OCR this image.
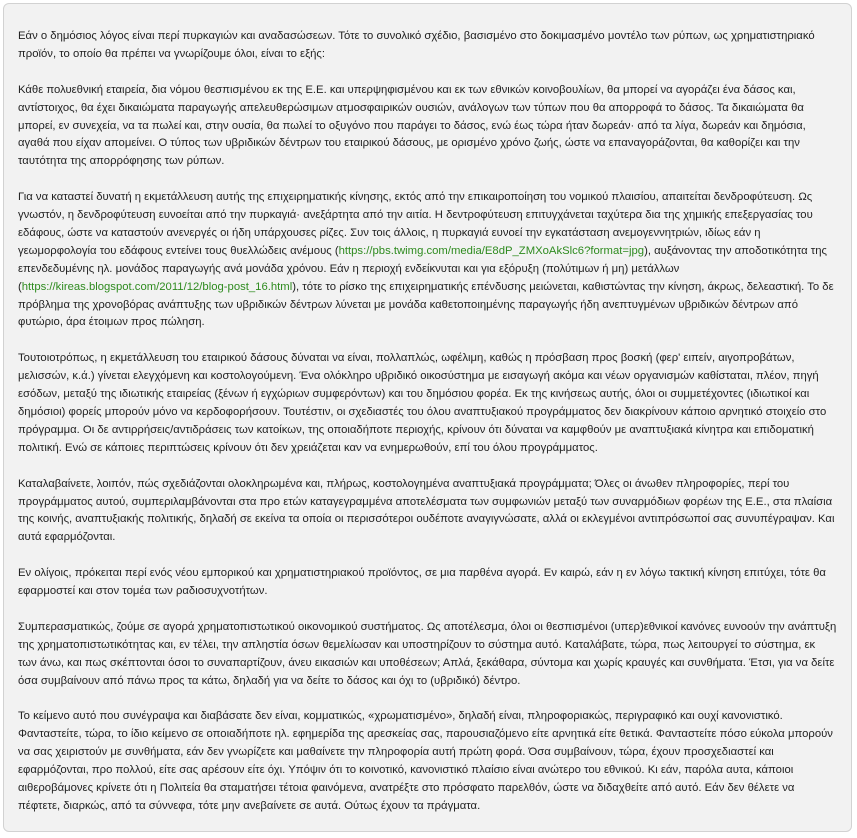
Εάν ο δημόσιος λόγος είναι περί πυρκαγιών και αναδασώσεων. Τότε το συνολικό σχέδιο, βασισμένο στο δοκιμασμένο μοντέλο των ρύπων, ως χρηματιστηριακό προϊόν, το οποίο θα πρέπει να γνωρίζουμε όλοι, είναι το εξής:

Κάθε πολυεθνική εταιρεία, δια νόμου θεσπισμένου εκ της Ε.Ε. και υπερψηφισμένου και εκ των εθνικών κοινοβουλίων, θα μπορεί να αγοράζει ένα δάσος και, αντίστοιχος, θα έχει δικαιώματα παραγωγής απελευθερώσιμων ατμοσφαιρικών ουσιών, ανάλογων των τύπων που θα απορροφά το δάσος. Τα δικαιώματα θα μπορεί, εν συνεχεία, να τα πωλεί και, στην ουσία, θα πωλεί το οξυγόνο που παράγει το δάσος, ενώ έως τώρα ήταν δωρεάν· από τα λίγα, δωρεάν και δημόσια, αγαθά που είχαν απομείνει. Ο τύπος των υβριδικών δέντρων του εταιρικού δάσους, με ορισμένο χρόνο ζωής, ώστε να επαναγοράζονται, θα καθορίζει και την ταυτότητα της απορρόφησης των ρύπων.

Για να καταστεί δυνατή η εκμετάλλευση αυτής της επιχειρηματικής κίνησης, εκτός από την επικαιροποίηση του νομικού πλαισίου, απαιτείται δενδροφύτευση. Ως γνωστόν, η δενδροφύτευση ευνοείται από την πυρκαγιά· ανεξάρτητα από την αιτία. Η δεντροφύτευση επιτυγχάνεται ταχύτερα δια της χημικής επεξεργασίας του εδάφους, ώστε να καταστούν ανενεργές οι ήδη υπάρχουσες ρίζες. Συν τοις άλλοις, η πυρκαγιά ευνοεί την εγκατάσταση ανεμογεννητριών, ιδίως εάν η γεωμορφολογία του εδάφους εντείνει τους θυελλώδεις ανέμους (https://pbs.twimg.com/media/E8dP_ZMXoAkSlc6?format=jpg), αυξάνοντας την αποδοτικότητα της επενδεδυμένης ηλ. μονάδος παραγωγής ανά μονάδα χρόνου. Εάν η περιοχή ενδείκνυται και για εξόρυξη (πολύτιμων ή μη) μετάλλων (https://kireas.blogspot.com/2011/12/blog-post_16.html), τότε το ρίσκο της επιχειρηματικής επένδυσης μειώνεται, καθιστώντας την κίνηση, άκρως, δελεαστική. Το δε πρόβλημα της χρονοβόρας ανάπτυξης των υβριδικών δέντρων λύνεται με μονάδα καθετοποιημένης παραγωγής ήδη ανεπτυγμένων υβριδικών δέντρων από φυτώριο, άρα έτοιμων προς πώληση.

Τουτοιοτρόπως, η εκμετάλλευση του εταιρικού δάσους δύναται να είναι, πολλαπλώς, ωφέλιμη, καθώς η πρόσβαση προς βοσκή (φερ' ειπείν, αιγοπροβάτων, μελισσών, κ.ά.) γίνεται ελεγχόμενη και κοστολογούμενη. Ένα ολόκληρο υβριδικό οικοσύστημα με εισαγωγή ακόμα και νέων οργανισμών καθίσταται, πλέον, πηγή εσόδων, μεταξύ της ιδιωτικής εταιρείας (ξένων ή εγχώριων συμφερόντων) και του δημόσιου φορέα. Εκ της κινήσεως αυτής, όλοι οι συμμετέχοντες (ιδιωτικοί και δημόσιοι) φορείς μπορούν μόνο να κερδοφορήσουν. Τουτέστιν, οι σχεδιαστές του όλου αναπτυξιακού προγράμματος δεν διακρίνουν κάποιο αρνητικό στοιχείο στο πρόγραμμα. Οι δε αντιρρήσεις/αντιδράσεις των κατοίκων, της οποιαδήποτε περιοχής, κρίνουν ότι δύναται να καμφθούν με αναπτυξιακά κίνητρα και επιδοματική πολιτική. Ενώ σε κάποιες περιπτώσεις κρίνουν ότι δεν χρειάζεται καν να ενημερωθούν, επί του όλου προγράμματος.

Καταλαβαίνετε, λοιπόν, πώς σχεδιάζονται ολοκληρωμένα και, πλήρως, κοστολογημένα αναπτυξιακά προγράμματα; Όλες οι άνωθεν πληροφορίες, περί του προγράμματος αυτού, συμπεριλαμβάνονται στα προ ετών καταγεγραμμένα αποτελέσματα των συμφωνιών μεταξύ των συναρμόδιων φορέων της Ε.Ε., στα πλαίσια της κοινής, αναπτυξιακής πολιτικής, δηλαδή σε εκείνα τα οποία οι περισσότεροι ουδέποτε αναγιγνώσατε, αλλά οι εκλεγμένοι αντιπρόσωποί σας συνυπέγραψαν. Και αυτά εφαρμόζονται.

Εν ολίγοις, πρόκειται περί ενός νέου εμπορικού και χρηματιστηριακού προϊόντος, σε μια παρθένα αγορά. Εν καιρώ, εάν η εν λόγω τακτική κίνηση επιτύχει, τότε θα εφαρμοστεί και στον τομέα των ραδιοσυχνοτήτων.

Συμπερασματικώς, ζούμε σε αγορά χρηματοπιστωτικού οικονομικού συστήματος. Ως αποτέλεσμα, όλοι οι θεσπισμένοι (υπερ)εθνικοί κανόνες ευνοούν την ανάπτυξη της χρηματοπιστωτικότητας και, εν τέλει, την απληστία όσων θεμελίωσαν και υποστηρίζουν το σύστημα αυτό. Καταλάβατε, τώρα, πως λειτουργεί το σύστημα, εκ των άνω, και πως σκέπτονται όσοι το συναπαρτίζουν, άνευ εικασιών και υποθέσεων; Απλά, ξεκάθαρα, σύντομα και χωρίς κραυγές και συνθήματα. Έτσι, για να δείτε όσα συμβαίνουν από πάνω προς τα κάτω, δηλαδή για να δείτε το δάσος και όχι το (υβριδικό) δέντρο.

Το κείμενο αυτό που συνέγραψα και διαβάσατε δεν είναι, κομματικώς, «χρωματισμένο», δηλαδή είναι, πληροφοριακώς, περιγραφικό και ουχί κανονιστικό. Φανταστείτε, τώρα, το ίδιο κείμενο σε οποιαδήποτε ηλ. εφημερίδα της αρεσκείας σας, παρουσιαζόμενο είτε αρνητικά είτε θετικά. Φανταστείτε πόσο εύκολα μπορούν να σας χειριστούν με συνθήματα, εάν δεν γνωρίζετε και μαθαίνετε την πληροφορία αυτή πρώτη φορά. Όσα συμβαίνουν, τώρα, έχουν προσχεδιαστεί και εφαρμόζονται, προ πολλού, είτε σας αρέσουν είτε όχι. Υπόψιν ότι το κοινοτικό, κανονιστικό πλαίσιο είναι ανώτερο του εθνικού. Κι εάν, παρόλα αυτα, κάποιοι αιθεροβάμονες κρίνετε ότι η Πολιτεία θα σταματήσει τέτοια φαινόμενα, ανατρέξτε στο πρόσφατο παρελθόν, ώστε να διδαχθείτε από αυτό. Εάν δεν θέλετε να πέφτετε, διαρκώς, από τα σύννεφα, τότε μην ανεβαίνετε σε αυτά. Ούτως έχουν τα πράγματα.
